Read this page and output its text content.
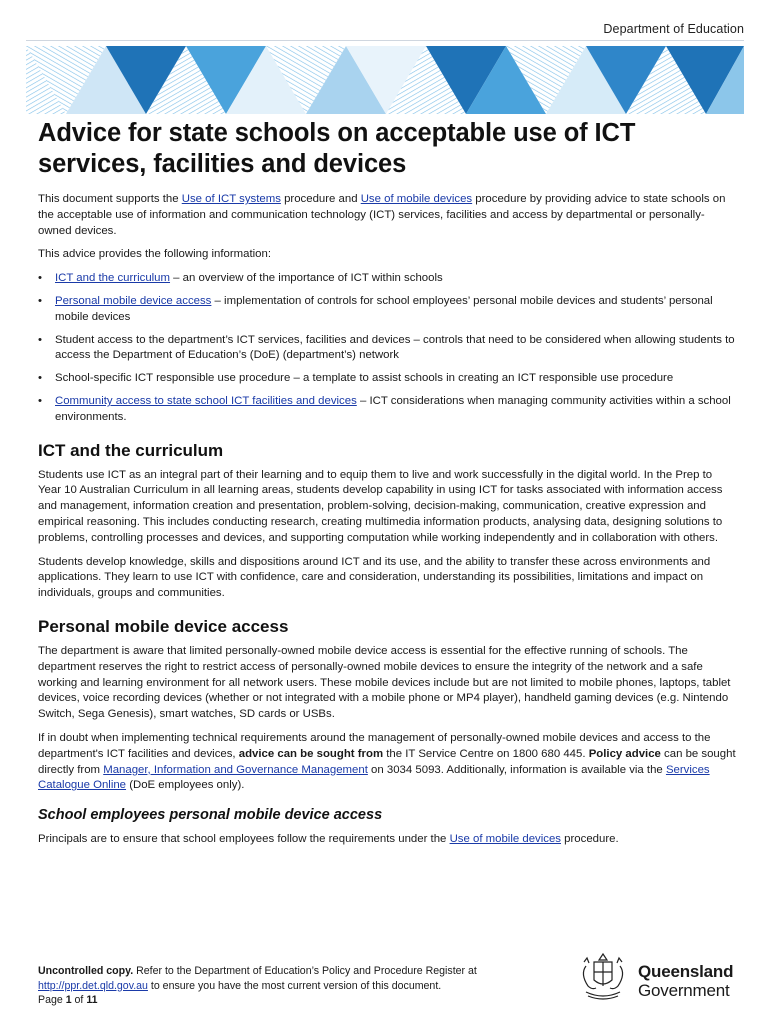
Department of Education
Advice for state schools on acceptable use of ICT services, facilities and devices

This document supports the Use of ICT systems procedure and Use of mobile devices procedure by providing advice to state schools on the acceptable use of information and communication technology (ICT) services, facilities and access by departmental or personally-owned devices.

This advice provides the following information:

• ICT and the curriculum – an overview of the importance of ICT within schools
• Personal mobile device access – implementation of controls for school employees’ personal mobile devices and students’ personal mobile devices
• Student access to the department’s ICT services, facilities and devices – controls that need to be considered when allowing students to access the Department of Education’s (DoE) (department’s) network
• School-specific ICT responsible use procedure – a template to assist schools in creating an ICT responsible use procedure
• Community access to state school ICT facilities and devices – ICT considerations when managing community activities within a school environments.
ICT and the curriculum

Students use ICT as an integral part of their learning and to equip them to live and work successfully in the digital world. In the Prep to Year 10 Australian Curriculum in all learning areas, students develop capability in using ICT for tasks associated with information access and management, information creation and presentation, problem-solving, decision-making, communication, creative expression and empirical reasoning. This includes conducting research, creating multimedia information products, analysing data, designing solutions to problems, controlling processes and devices, and supporting computation while working independently and in collaboration with others.

Students develop knowledge, skills and dispositions around ICT and its use, and the ability to transfer these across environments and applications. They learn to use ICT with confidence, care and consideration, understanding its possibilities, limitations and impact on individuals, groups and communities.

Personal mobile device access

The department is aware that limited personally-owned mobile device access is essential for the effective running of schools. The department reserves the right to restrict access of personally-owned mobile devices to ensure the integrity of the network and a safe working and learning environment for all network users. These mobile devices include but are not limited to mobile phones, laptops, tablet devices, voice recording devices (whether or not integrated with a mobile phone or MP4 player), handheld gaming devices (e.g. Nintendo Switch, Sega Genesis), smart watches, SD cards or USBs.

If in doubt when implementing technical requirements around the management of personally-owned mobile devices and access to the department's ICT facilities and devices, advice can be sought from the IT Service Centre on 1800 680 445. Policy advice can be sought directly from Manager, Information and Governance Management on 3034 5093. Additionally, information is available via the Services Catalogue Online (DoE employees only).

School employees personal mobile device access

Principals are to ensure that school employees follow the requirements under the Use of mobile devices procedure.

Uncontrolled copy. Refer to the Department of Education’s Policy and Procedure Register at
http://ppr.det.qld.gov.au to ensure you have the most current version of this document.
Page 1 of 11
Queensland
Government
